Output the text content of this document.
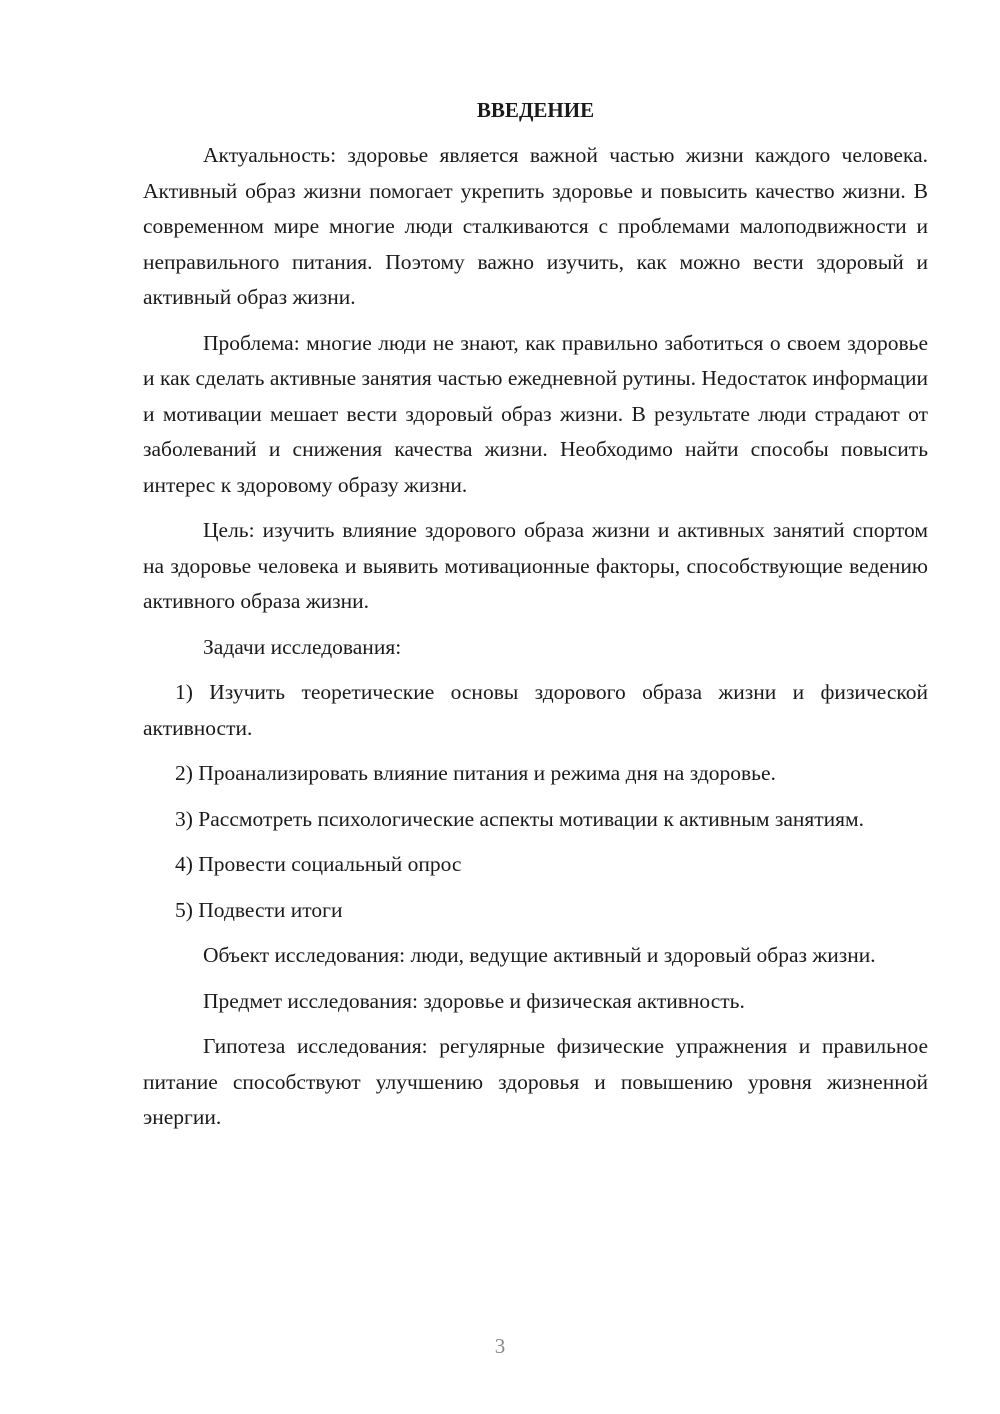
ВВЕДЕНИЕ

Актуальность: здоровье является важной частью жизни каждого человека. Активный образ жизни помогает укрепить здоровье и повысить качество жизни. В современном мире многие люди сталкиваются с проблемами малоподвижности и неправильного питания. Поэтому важно изучить, как можно вести здоровый и активный образ жизни.

Проблема: многие люди не знают, как правильно заботиться о своем здоровье и как сделать активные занятия частью ежедневной рутины. Недостаток информации и мотивации мешает вести здоровый образ жизни. В результате люди страдают от заболеваний и снижения качества жизни. Необходимо найти способы повысить интерес к здоровому образу жизни.

Цель: изучить влияние здорового образа жизни и активных занятий спортом на здоровье человека и выявить мотивационные факторы, способствующие ведению активного образа жизни.

Задачи исследования:

1) Изучить теоретические основы здорового образа жизни и физической активности.

2) Проанализировать влияние питания и режима дня на здоровье.

3) Рассмотреть психологические аспекты мотивации к активным занятиям.

4) Провести социальный опрос

5) Подвести итоги

Объект исследования: люди, ведущие активный и здоровый образ жизни.

Предмет исследования: здоровье и физическая активность.

Гипотеза исследования: регулярные физические упражнения и правильное питание способствуют улучшению здоровья и повышению уровня жизненной энергии.

3
